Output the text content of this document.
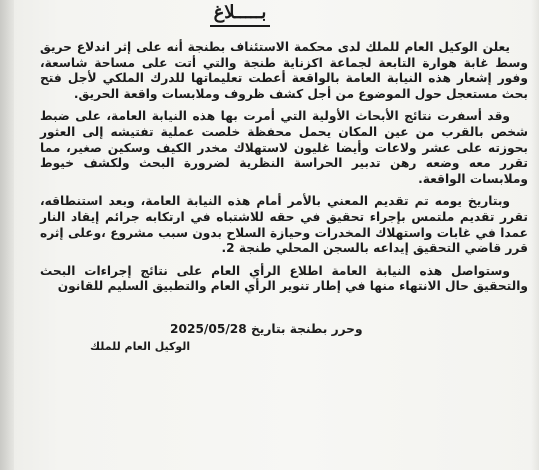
بـــــلاغ

يعلن الوكيل العام للملك لدى محكمة الاستئناف بطنجة أنه على إثر اندلاع حريق وسط غابة هوارة التابعة لجماعة اكزناية طنجة والتي أتت على مساحة شاسعة، وفور إشعار هذه النيابة العامة بالواقعة أعطت تعليماتها للدرك الملكي لأجل فتح بحث مستعجل حول الموضوع من أجل كشف ظروف وملابسات واقعة الحريق.

وقد أسفرت نتائج الأبحاث الأولية التي أمرت بها هذه النيابة العامة، على ضبط شخص بالقرب من عين المكان يحمل محفظة خلصت عملية تفتيشه إلى العثور بحوزته على عشر ولاعات وأيضا غليون لاستهلاك مخدر الكيف وسكين صغير، مما تقرر معه وضعه رهن تدبير الحراسة النظرية لضرورة البحث ولكشف خيوط وملابسات الواقعة.

وبتاريخ يومه تم تقديم المعني بالأمر أمام هذه النيابة العامة، وبعد استنطاقه، تقرر تقديم ملتمس بإجراء تحقيق في حقه للاشتباه في ارتكابه جرائم إيقاد النار عمدا في غابات واستهلاك المخدرات وحيازة السلاح بدون سبب مشروع ،وعلى إثره قرر قاضي التحقيق إيداعه بالسجن المحلي طنجة 2.

وستواصل هذه النيابة العامة اطلاع الرأي العام على نتائج إجراءات البحث والتحقيق حال الانتهاء منها في إطار تنوير الرأي العام والتطبيق السليم للقانون

وحرر بطنجة بتاريخ 2025/05/28
الوكيل العام للملك
